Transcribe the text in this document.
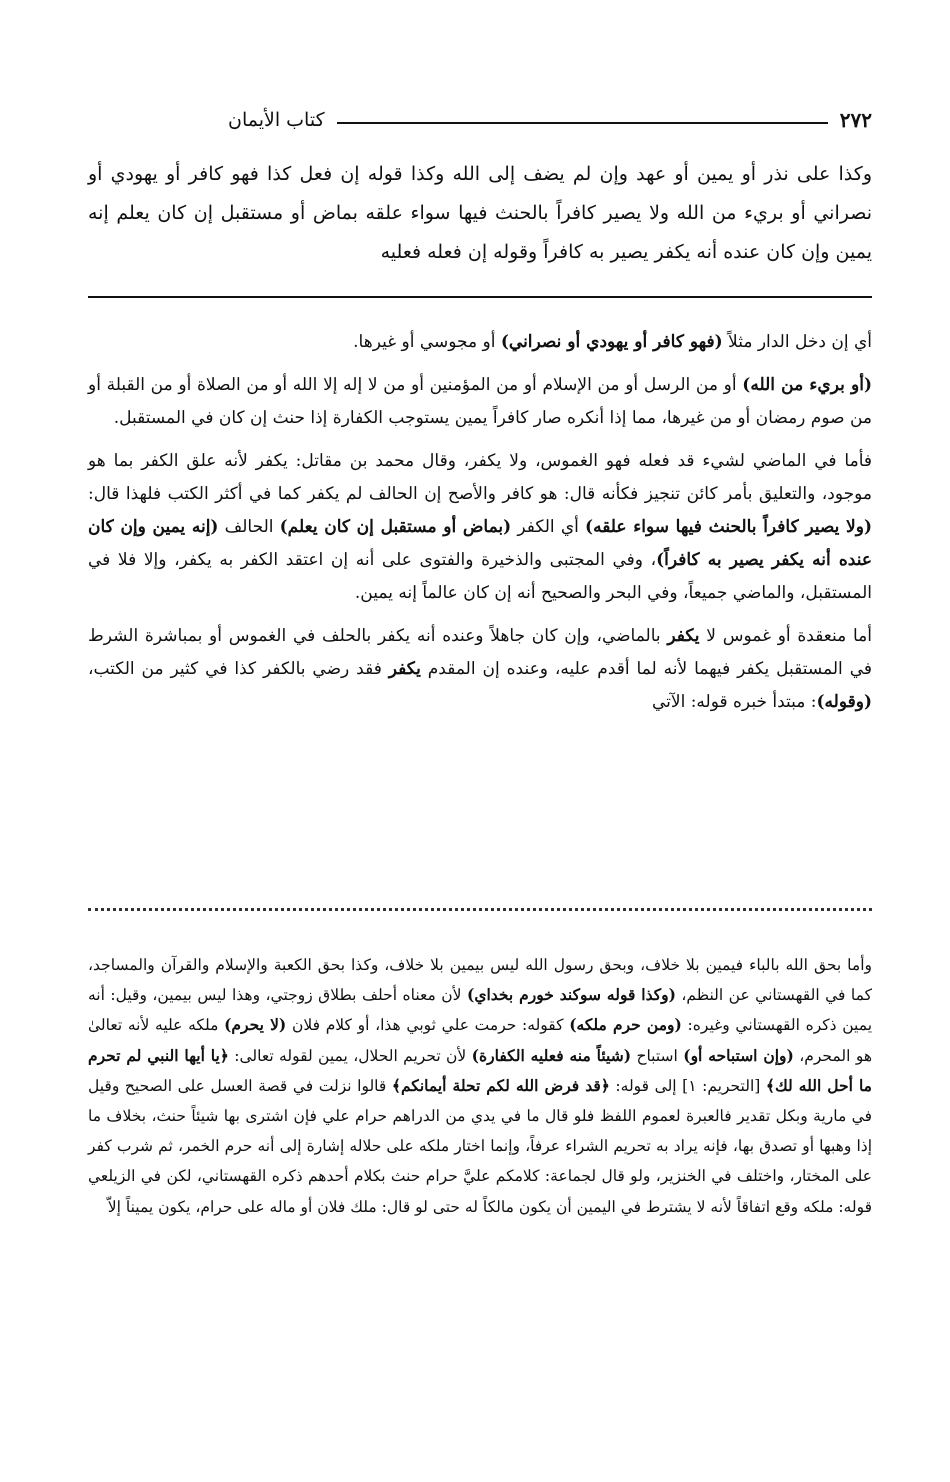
٢٧٢
كتاب الأيمان

وكذا على نذر أو يمين أو عهد وإن لم يضف إلى الله وكذا قوله إن فعل كذا فهو كافر أو يهودي أو نصراني أو بريء من الله ولا يصير كافراً بالحنث فيها سواء علقه بماض أو مستقبل إن كان يعلم إنه يمين وإن كان عنده أنه يكفر يصير به كافراً وقوله إن فعله فعليه

أي إن دخل الدار مثلاً (فهو كافر أو يهودي أو نصراني) أو مجوسي أو غيرها.

(أو بريء من الله) أو من الرسل أو من الإسلام أو من المؤمنين أو من لا إله إلا الله أو من الصلاة أو من القبلة أو من صوم رمضان أو من غيرها، مما إذا أنكره صار كافراً يمين يستوجب الكفارة إذا حنث إن كان في المستقبل.

فأما في الماضي لشيء قد فعله فهو الغموس، ولا يكفر، وقال محمد بن مقاتل: يكفر لأنه علق الكفر بما هو موجود، والتعليق بأمر كائن تنجيز فكأنه قال: هو كافر والأصح إن الحالف لم يكفر كما في أكثر الكتب فلهذا قال: (ولا يصير كافراً بالحنث فيها سواء علقه) أي الكفر (بماض أو مستقبل إن كان يعلم) الحالف (إنه يمين وإن كان عنده أنه يكفر يصير به كافراً)، وفي المجتبى والذخيرة والفتوى على أنه إن اعتقد الكفر به يكفر، وإلا فلا في المستقبل، والماضي جميعاً، وفي البحر والصحيح أنه إن كان عالماً إنه يمين.

أما منعقدة أو غموس لا يكفر بالماضي، وإن كان جاهلاً وعنده أنه يكفر بالحلف في الغموس أو بمباشرة الشرط في المستقبل يكفر فيهما لأنه لما أقدم عليه، وعنده إن المقدم يكفر فقد رضي بالكفر كذا في كثير من الكتب، (وقوله): مبتدأ خبره قوله: الآتي

وأما بحق الله بالباء فيمين بلا خلاف، وبحق رسول الله ليس بيمين بلا خلاف، وكذا بحق الكعبة والإسلام والقرآن والمساجد، كما في القهستاني عن النظم، (وكذا قوله سوكند خورم بخداي) لأن معناه أحلف بطلاق زوجتي، وهذا ليس بيمين، وقيل: أنه يمين ذكره القهستاني وغيره: (ومن حرم ملكه) كقوله: حرمت علي ثوبي هذا، أو كلام فلان (لا يحرم) ملكه عليه لأنه تعالىٰ هو المحرم، (وإن استباحه أو) استباح (شيئاً منه فعليه الكفارة) لأن تحريم الحلال، يمين لقوله تعالى: ﴿يا أيها النبي لم تحرم ما أحل الله لك﴾ [التحريم: ١] إلى قوله: ﴿قد فرض الله لكم تحلة أيمانكم﴾ قالوا نزلت في قصة العسل على الصحيح وقيل في مارية وبكل تقدير فالعبرة لعموم اللفظ فلو قال ما في يدي من الدراهم حرام علي فإن اشترى بها شيئاً حنث، بخلاف ما إذا وهبها أو تصدق بها، فإنه يراد به تحريم الشراء عرفاً، وإنما اختار ملكه على حلاله إشارة إلى أنه حرم الخمر، ثم شرب كفر على المختار، واختلف في الخنزير، ولو قال لجماعة: كلامكم عليَّ حرام حنث بكلام أحدهم ذكره القهستاني، لكن في الزيلعي قوله: ملكه وقع اتفاقاً لأنه لا يشترط في اليمين أن يكون مالكاً له حتى لو قال: ملك فلان أو ماله على حرام، يكون يميناً إلاّ
